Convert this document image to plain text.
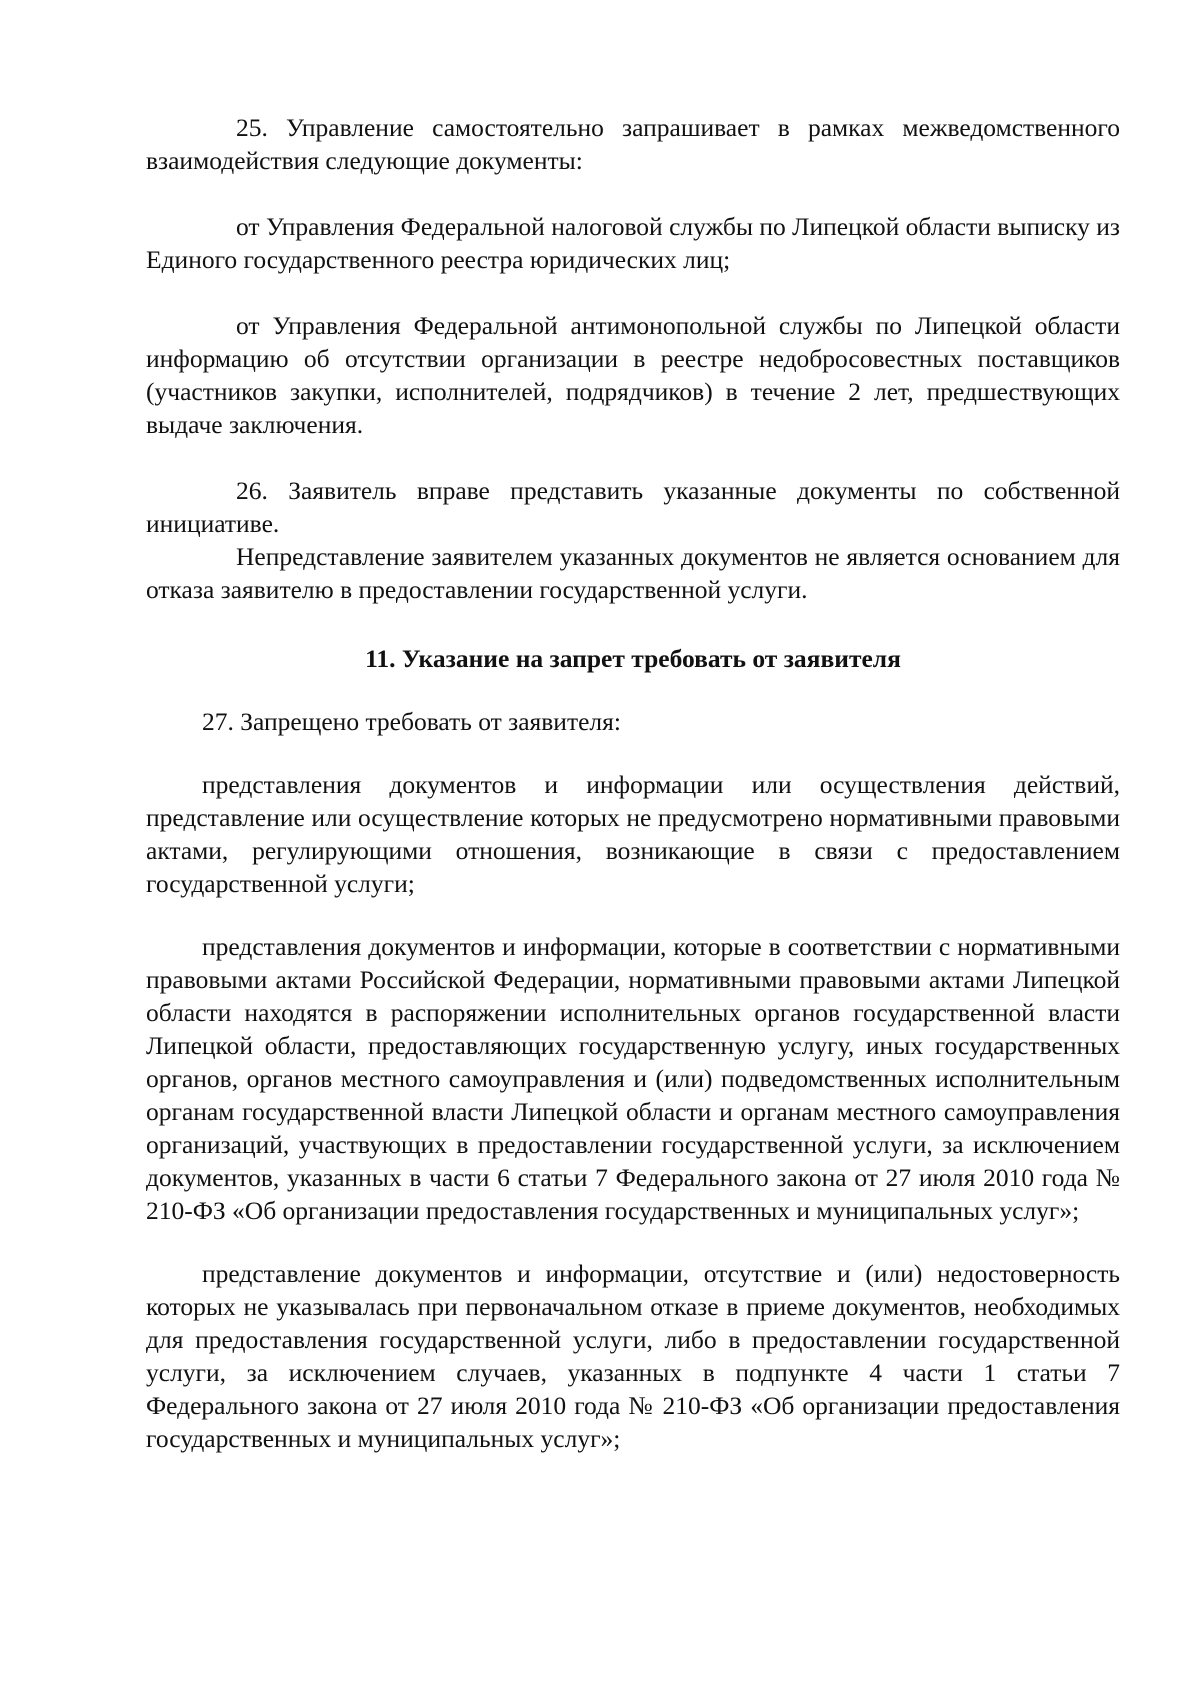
25. Управление самостоятельно запрашивает в рамках межведомственного взаимодействия следующие документы:

от Управления Федеральной налоговой службы по Липецкой области выписку из Единого государственного реестра юридических лиц;

от Управления Федеральной антимонопольной службы по Липецкой области информацию об отсутствии организации в реестре недобросовестных поставщиков (участников закупки, исполнителей, подрядчиков) в течение 2 лет, предшествующих выдаче заключения.

26. Заявитель вправе представить указанные документы по собственной инициативе.

Непредставление заявителем указанных документов не является основанием для отказа заявителю в предоставлении государственной услуги.

11. Указание на запрет требовать от заявителя

27. Запрещено требовать от заявителя:

представления документов и информации или осуществления действий, представление или осуществление которых не предусмотрено нормативными правовыми актами, регулирующими отношения, возникающие в связи с предоставлением государственной услуги;

представления документов и информации, которые в соответствии с нормативными правовыми актами Российской Федерации, нормативными правовыми актами Липецкой области находятся в распоряжении исполнительных органов государственной власти Липецкой области, предоставляющих государственную услугу, иных государственных органов, органов местного самоуправления и (или) подведомственных исполнительным органам государственной власти Липецкой области и органам местного самоуправления организаций, участвующих в предоставлении государственной услуги, за исключением документов, указанных в части 6 статьи 7 Федерального закона от 27 июля 2010 года № 210-ФЗ «Об организации предоставления государственных и муниципальных услуг»;

представление документов и информации, отсутствие и (или) недостоверность которых не указывалась при первоначальном отказе в приеме документов, необходимых для предоставления государственной услуги, либо в предоставлении государственной услуги, за исключением случаев, указанных в подпункте 4 части 1 статьи 7 Федерального закона от 27 июля 2010 года № 210-ФЗ «Об организации предоставления государственных и муниципальных услуг»;
